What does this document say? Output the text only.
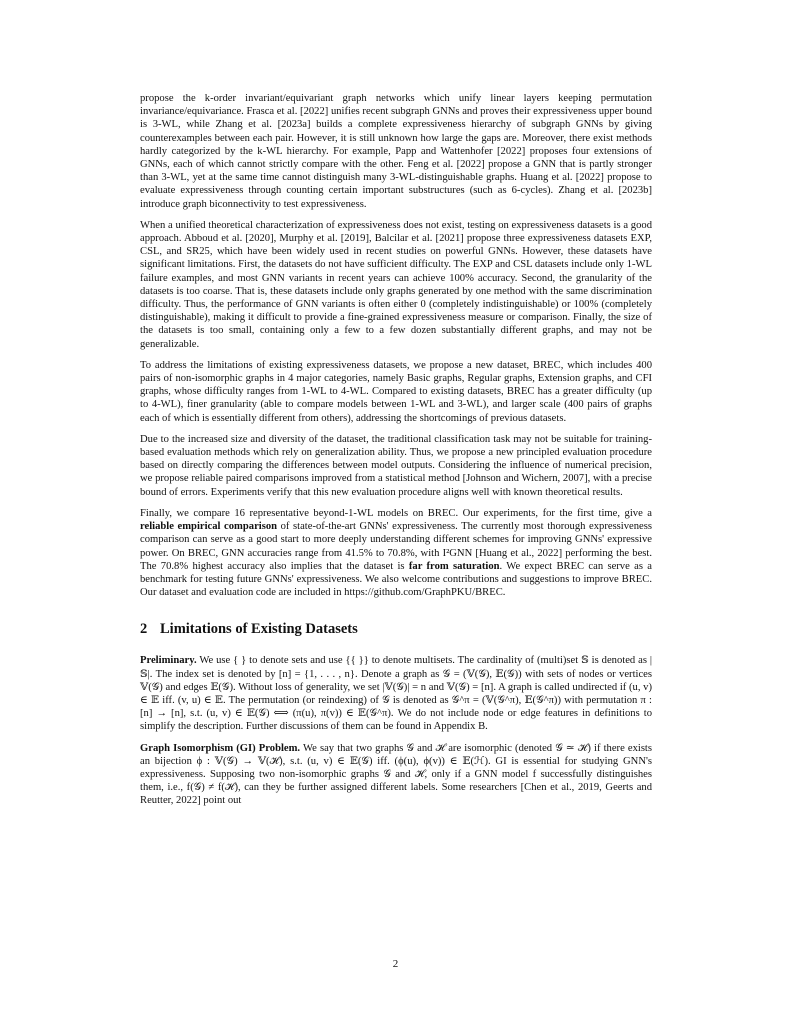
propose the k-order invariant/equivariant graph networks which unify linear layers keeping permutation invariance/equivariance. Frasca et al. [2022] unifies recent subgraph GNNs and proves their expressiveness upper bound is 3-WL, while Zhang et al. [2023a] builds a complete expressiveness hierarchy of subgraph GNNs by giving counterexamples between each pair. However, it is still unknown how large the gaps are. Moreover, there exist methods hardly categorized by the k-WL hierarchy. For example, Papp and Wattenhofer [2022] proposes four extensions of GNNs, each of which cannot strictly compare with the other. Feng et al. [2022] propose a GNN that is partly stronger than 3-WL, yet at the same time cannot distinguish many 3-WL-distinguishable graphs. Huang et al. [2022] propose to evaluate expressiveness through counting certain important substructures (such as 6-cycles). Zhang et al. [2023b] introduce graph biconnectivity to test expressiveness.

When a unified theoretical characterization of expressiveness does not exist, testing on expressiveness datasets is a good approach. Abboud et al. [2020], Murphy et al. [2019], Balcilar et al. [2021] propose three expressiveness datasets EXP, CSL, and SR25, which have been widely used in recent studies on powerful GNNs. However, these datasets have significant limitations. First, the datasets do not have sufficient difficulty. The EXP and CSL datasets include only 1-WL failure examples, and most GNN variants in recent years can achieve 100% accuracy. Second, the granularity of the datasets is too coarse. That is, these datasets include only graphs generated by one method with the same discrimination difficulty. Thus, the performance of GNN variants is often either 0 (completely indistinguishable) or 100% (completely distinguishable), making it difficult to provide a fine-grained expressiveness measure or comparison. Finally, the size of the datasets is too small, containing only a few to a few dozen substantially different graphs, and may not be generalizable.

To address the limitations of existing expressiveness datasets, we propose a new dataset, BREC, which includes 400 pairs of non-isomorphic graphs in 4 major categories, namely Basic graphs, Regular graphs, Extension graphs, and CFI graphs, whose difficulty ranges from 1-WL to 4-WL. Compared to existing datasets, BREC has a greater difficulty (up to 4-WL), finer granularity (able to compare models between 1-WL and 3-WL), and larger scale (400 pairs of graphs each of which is essentially different from others), addressing the shortcomings of previous datasets.

Due to the increased size and diversity of the dataset, the traditional classification task may not be suitable for training-based evaluation methods which rely on generalization ability. Thus, we propose a new principled evaluation procedure based on directly comparing the differences between model outputs. Considering the influence of numerical precision, we propose reliable paired comparisons improved from a statistical method [Johnson and Wichern, 2007], with a precise bound of errors. Experiments verify that this new evaluation procedure aligns well with known theoretical results.

Finally, we compare 16 representative beyond-1-WL models on BREC. Our experiments, for the first time, give a reliable empirical comparison of state-of-the-art GNNs' expressiveness. The currently most thorough expressiveness comparison can serve as a good start to more deeply understanding different schemes for improving GNNs' expressive power. On BREC, GNN accuracies range from 41.5% to 70.8%, with I²GNN [Huang et al., 2022] performing the best. The 70.8% highest accuracy also implies that the dataset is far from saturation. We expect BREC can serve as a benchmark for testing future GNNs' expressiveness. We also welcome contributions and suggestions to improve BREC. Our dataset and evaluation code are included in https://github.com/GraphPKU/BREC.

2 Limitations of Existing Datasets

Preliminary. We use { } to denote sets and use {{ }} to denote multisets. The cardinality of (multi)set 𝕊 is denoted as |𝕊|. The index set is denoted by [n] = {1, . . . , n}. Denote a graph as 𝒢 = (𝕍(𝒢), 𝔼(𝒢)) with sets of nodes or vertices 𝕍(𝒢) and edges 𝔼(𝒢). Without loss of generality, we set |𝕍(𝒢)| = n and 𝕍(𝒢) = [n]. A graph is called undirected if (u, v) ∈ 𝔼 iff. (v, u) ∈ 𝔼. The permutation (or reindexing) of 𝒢 is denoted as 𝒢^π = (𝕍(𝒢^π), 𝔼(𝒢^π)) with permutation π : [n] → [n], s.t. (u, v) ∈ 𝔼(𝒢) ⟺ (π(u), π(v)) ∈ 𝔼(𝒢^π). We do not include node or edge features in definitions to simplify the description. Further discussions of them can be found in Appendix B.

Graph Isomorphism (GI) Problem. We say that two graphs 𝒢 and ℋ are isomorphic (denoted 𝒢 ≃ ℋ) if there exists an bijection ϕ : 𝕍(𝒢) → 𝕍(ℋ), s.t. (u, v) ∈ 𝔼(𝒢) iff. (ϕ(u), ϕ(v)) ∈ 𝔼(ℋ). GI is essential for studying GNN's expressiveness. Supposing two non-isomorphic graphs 𝒢 and ℋ, only if a GNN model f successfully distinguishes them, i.e., f(𝒢) ≠ f(ℋ), can they be further assigned different labels. Some researchers [Chen et al., 2019, Geerts and Reutter, 2022] point out

2
